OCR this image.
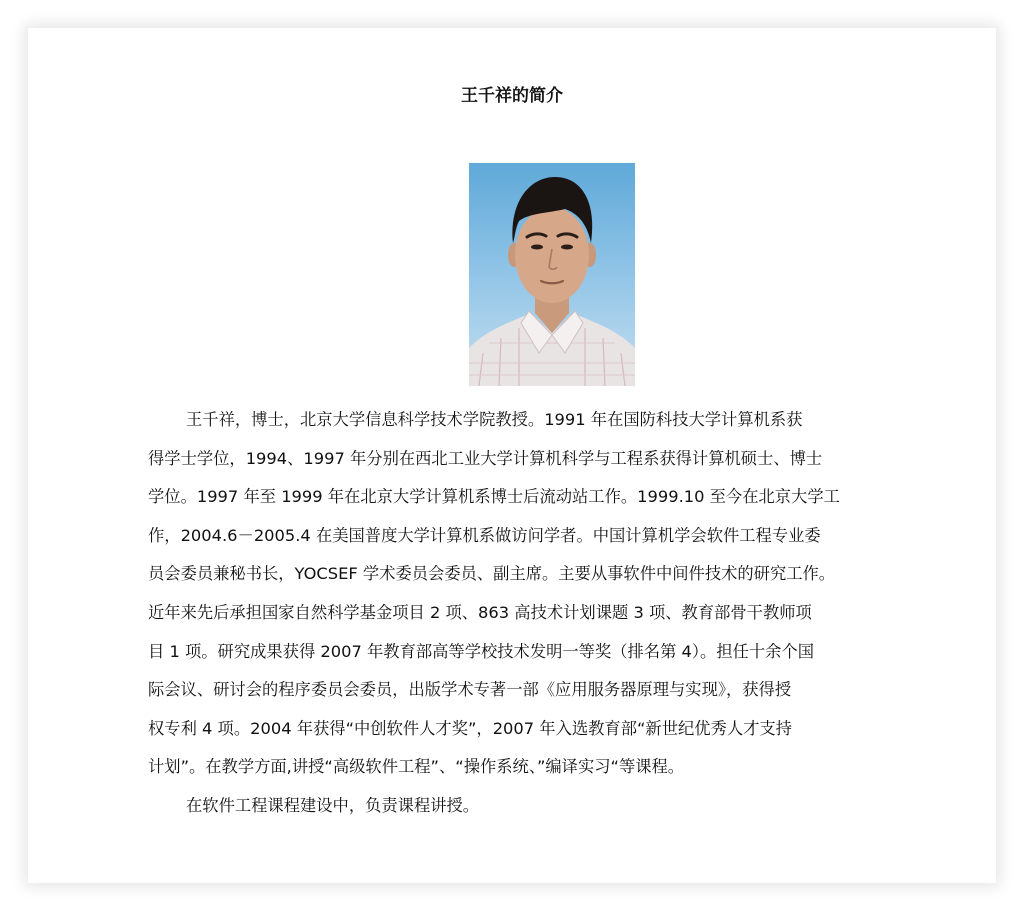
王千祥的简介
王千祥，博士，北京大学信息科学技术学院教授。1991 年在国防科技大学计算机系获
得学士学位，1994、1997 年分别在西北工业大学计算机科学与工程系获得计算机硕士、博士
学位。1997 年至 1999 年在北京大学计算机系博士后流动站工作。1999.10 至今在北京大学工
作，2004.6－2005.4 在美国普度大学计算机系做访问学者。中国计算机学会软件工程专业委
员会委员兼秘书长，YOCSEF 学术委员会委员、副主席。主要从事软件中间件技术的研究工作。
近年来先后承担国家自然科学基金项目 2 项、863 高技术计划课题 3 项、教育部骨干教师项
目 1 项。研究成果获得 2007 年教育部高等学校技术发明一等奖（排名第 4）。担任十余个国
际会议、研讨会的程序委员会委员，出版学术专著一部《应用服务器原理与实现》，获得授
权专利 4 项。2004 年获得“中创软件人才奖”，2007 年入选教育部“新世纪优秀人才支持
计划”。在教学方面,讲授“高级软件工程”、“操作系统、”编译实习“等课程。
在软件工程课程建设中，负责课程讲授。
